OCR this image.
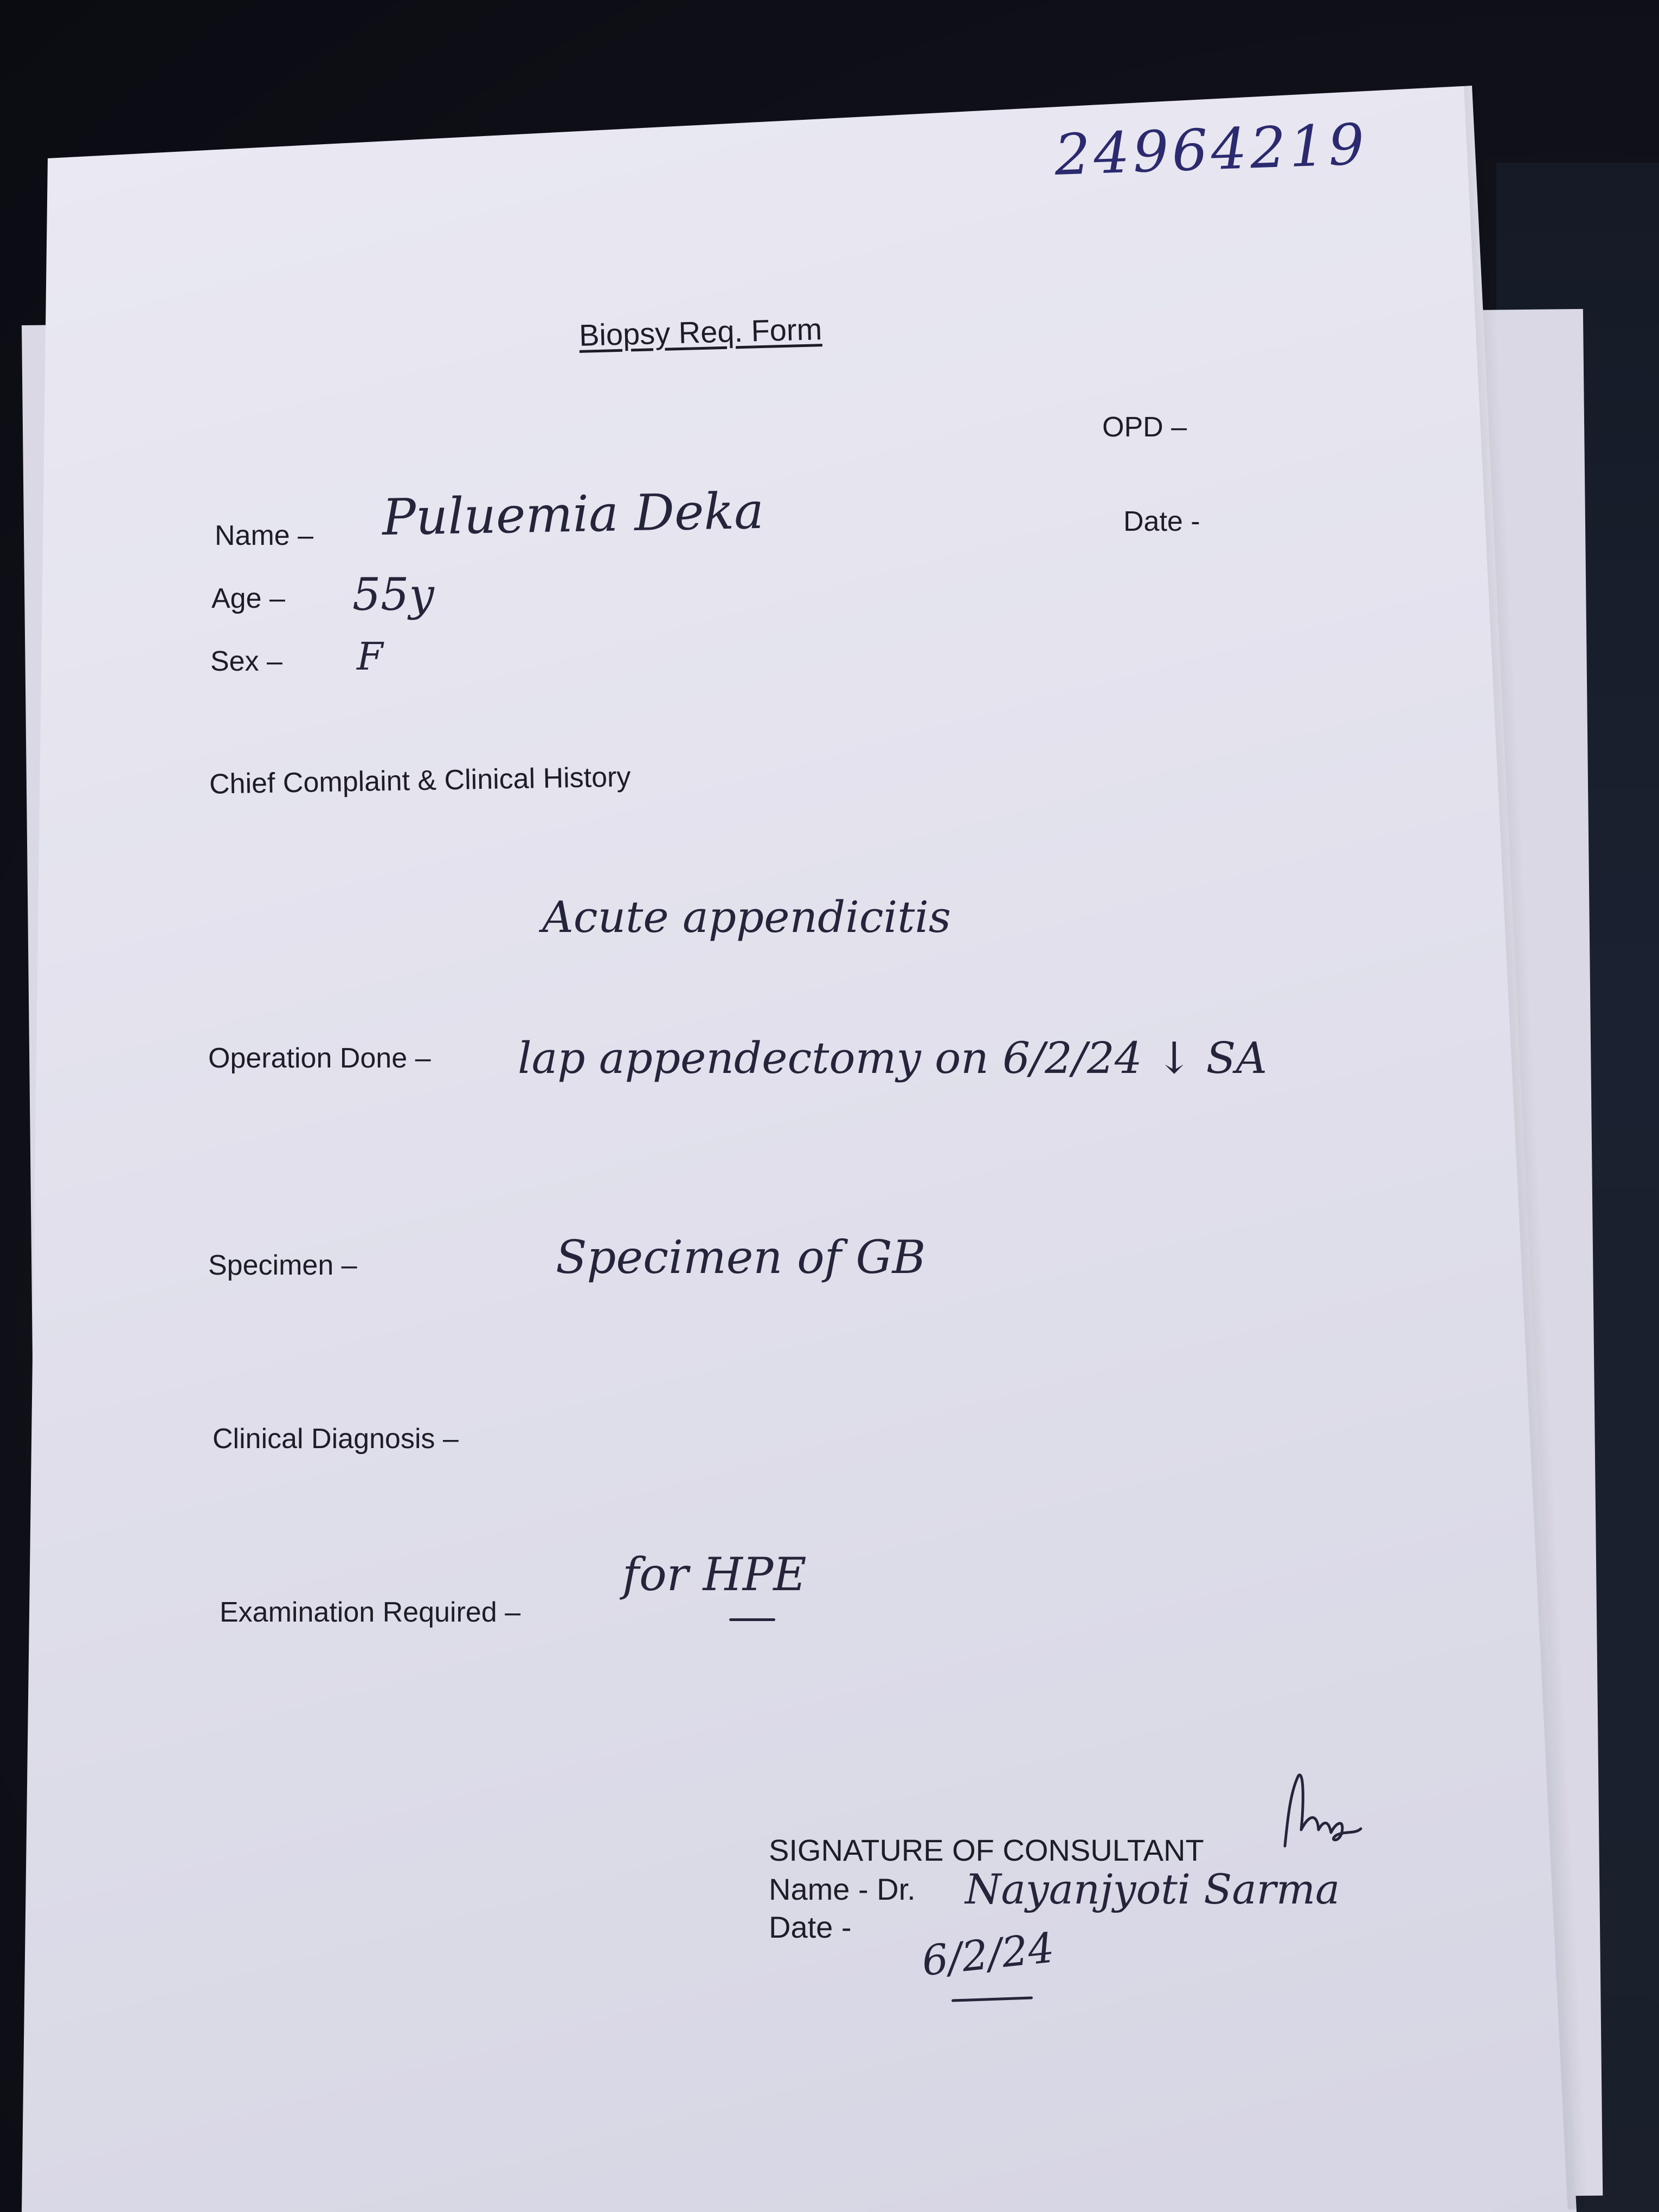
24964219
Biopsy Req. Form
OPD –
Date -
Name – Puluemia Deka
Age – 55y
Sex – F
Chief Complaint & Clinical History
Acute appendicitis
Operation Done – lap appendectomy on 6/2/24 ↓ SA
Specimen –	Specimen of GB
Clinical Diagnosis –
Examination Required –
for HPE
SIGNATURE OF CONSULTANT
Name - Dr.
Date -
Nayanjyoti Sarma
6/2/24
